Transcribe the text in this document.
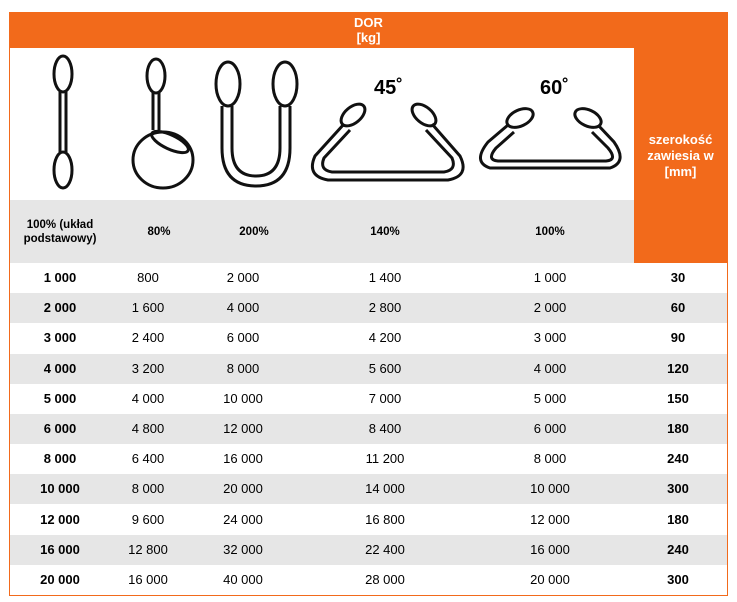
DOR
[kg]
szerokość zawiesia w [mm]
45˚	60˚
100% (układ podstawowy)
80%	200%	140%	100%
1 000	800	2 000	1 400	1 000	30
2 000	1 600	4 000	2 800	2 000	60
3 000	2 400	6 000	4 200	3 000	90
4 000	3 200	8 000	5 600	4 000	120
5 000	4 000	10 000	7 000	5 000	150
6 000	4 800	12 000	8 400	6 000	180
8 000	6 400	16 000	11 200	8 000	240
10 000	8 000	20 000	14 000	10 000	300
12 000	9 600	24 000	16 800	12 000	180
16 000	12 800	32 000	22 400	16 000	240
20 000	16 000	40 000	28 000	20 000	300
